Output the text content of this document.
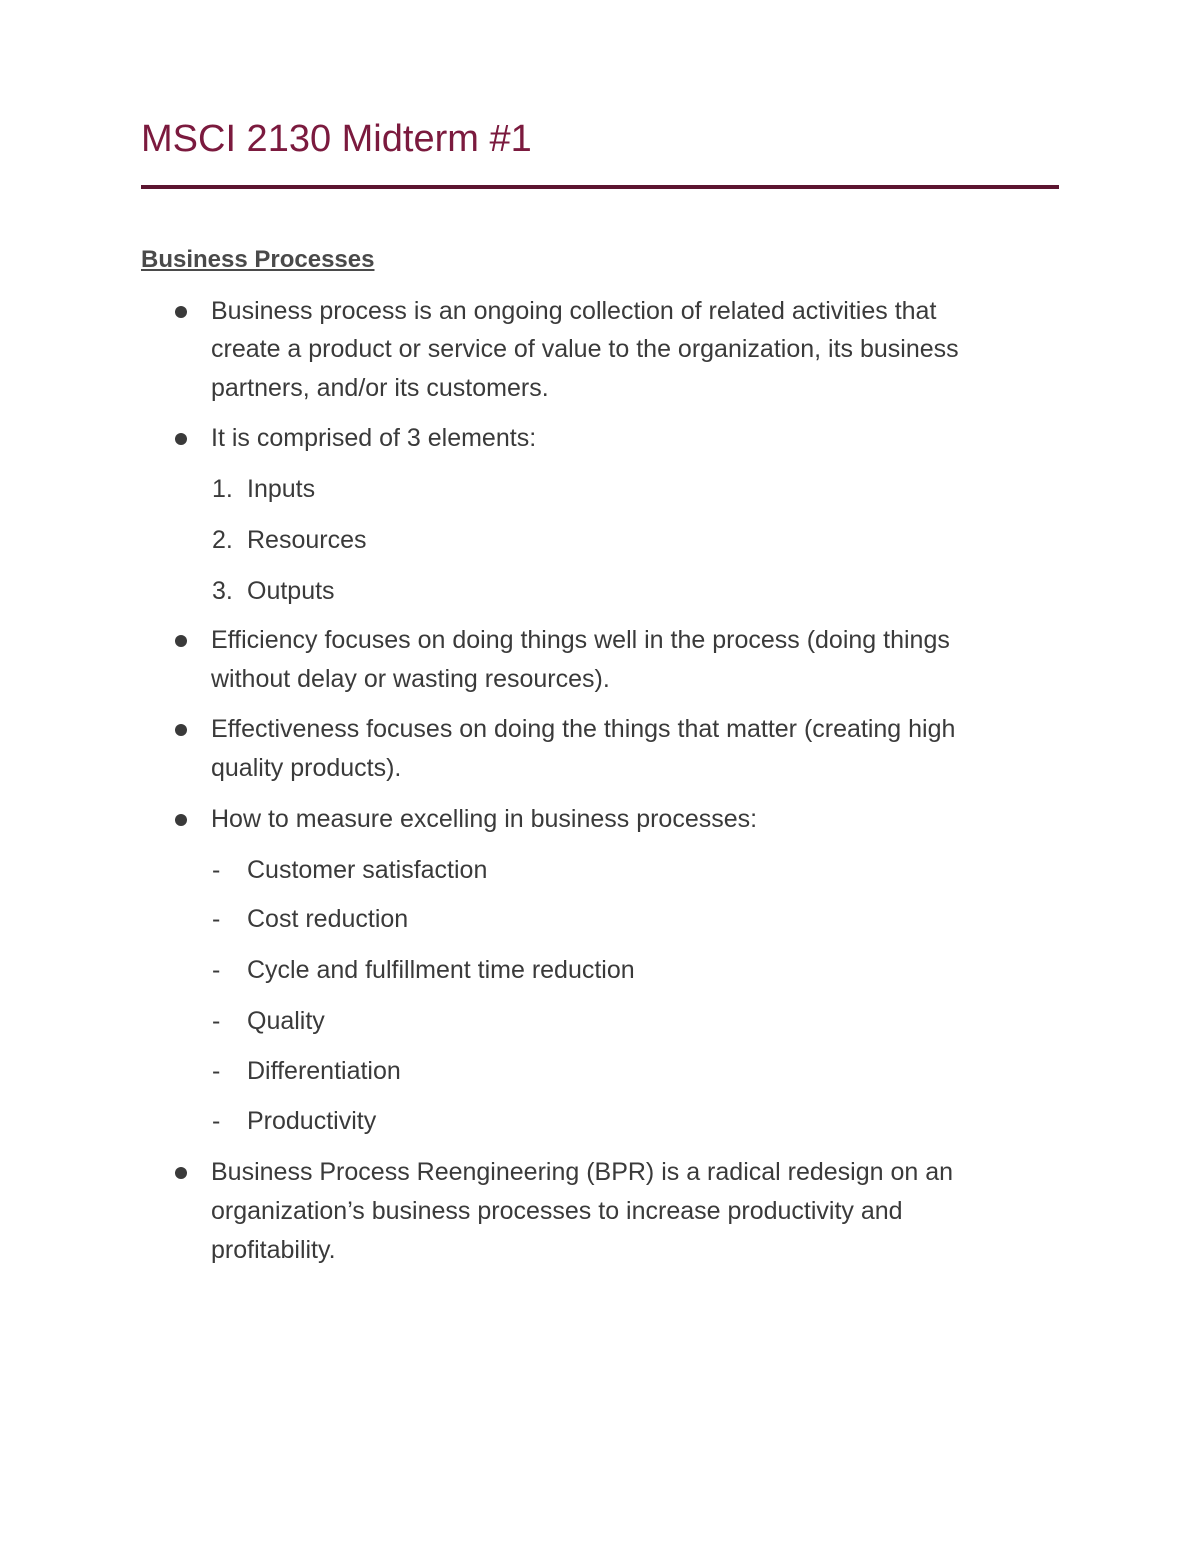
MSCI 2130 Midterm #1
Business Processes
Business process is an ongoing collection of related activities that
create a product or service of value to the organization, its business
partners, and/or its customers.
It is comprised of 3 elements:
1. Inputs
2. Resources
3. Outputs
Efficiency focuses on doing things well in the process (doing things
without delay or wasting resources).
Effectiveness focuses on doing the things that matter (creating high
quality products).
How to measure excelling in business processes:
- Customer satisfaction
- Cost reduction
- Cycle and fulfillment time reduction
- Quality
- Differentiation
- Productivity
Business Process Reengineering (BPR) is a radical redesign on an
organization’s business processes to increase productivity and
profitability.
